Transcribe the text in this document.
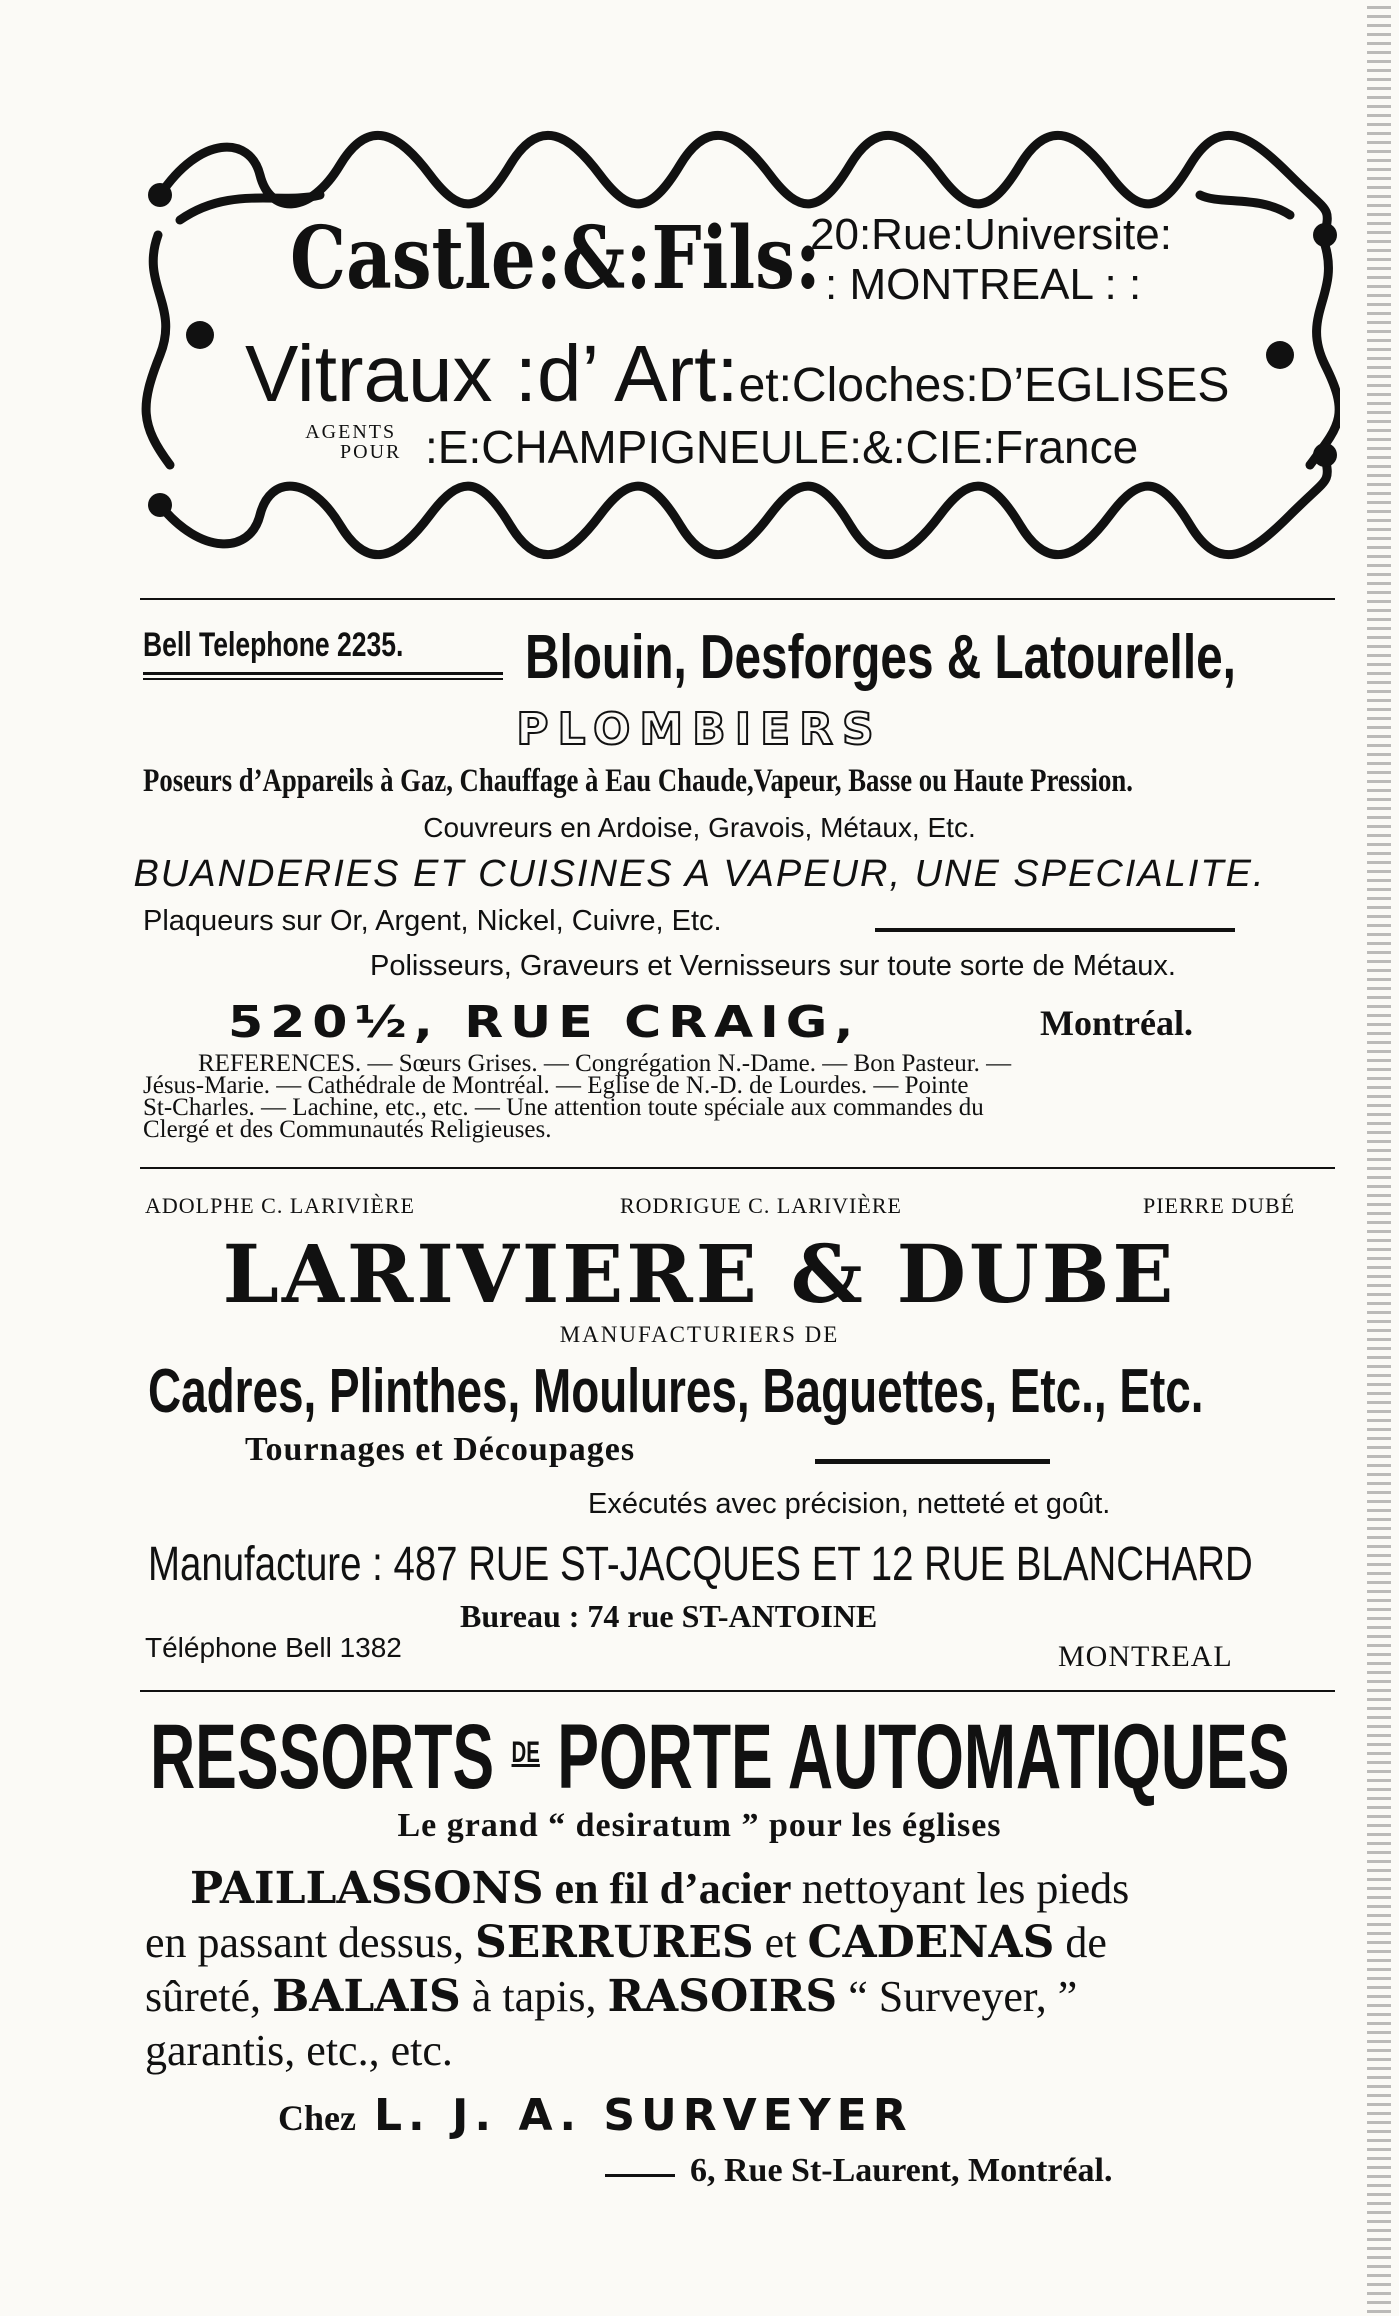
Castle:&:Fils:
20:Rue:Universite:
: MONTREAL : :
Vitraux :d’ Art:et:Cloches:D’EGLISES
AGENTS
POUR :E:CHAMPIGNEULE:&:CIE:France
Bell Telephone 2235. Blouin, Desforges & Latourelle,
PLOMBIERS
Poseurs d’Appareils à Gaz, Chauffage à Eau Chaude,Vapeur, Basse ou Haute Pression.
Couvreurs en Ardoise, Gravois, Métaux, Etc.
BUANDERIES ET CUISINES A VAPEUR, UNE SPECIALITE.
Plaqueurs sur Or, Argent, Nickel, Cuivre, Etc.
Polisseurs, Graveurs et Vernisseurs sur toute sorte de Métaux.
520½, RUE CRAIG,	Montréal.
REFERENCES. — Sœurs Grises. — Congrégation N.-Dame. — Bon Pasteur. —
Jésus-Marie. — Cathédrale de Montréal. — Eglise de N.-D. de Lourdes. — Pointe
St-Charles. — Lachine, etc., etc. — Une attention toute spéciale aux commandes du
Clergé et des Communautés Religieuses.
ADOLPHE C. LARIVIÈRE	RODRIGUE C. LARIVIÈRE	PIERRE DUBÉ
LARIVIERE & DUBE
MANUFACTURIERS DE
Cadres, Plinthes, Moulures, Baguettes, Etc., Etc.
Tournages et Découpages
Exécutés avec précision, netteté et goût.
Manufacture : 487 RUE ST-JACQUES ET 12 RUE BLANCHARD
Bureau : 74 rue ST-ANTOINE
Téléphone Bell 1382	MONTREAL
RESSORTS $^{DE}$ PORTE AUTOMATIQUES
Le grand “ desiratum ” pour les églises
PAILLASSONS en fil d’acier nettoyant les pieds
en passant dessus, SERRURES et CADENAS de
sûreté, BALAIS à tapis, RASOIRS “ Surveyer, ”
garantis, etc., etc.
Chez L. J. A. SURVEYER
6, Rue St-Laurent, Montréal.
